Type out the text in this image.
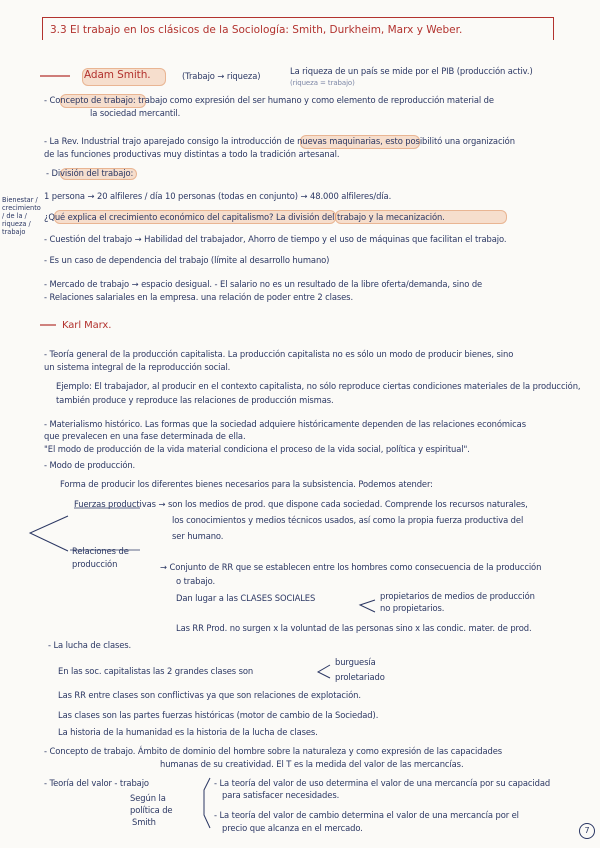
3.3 El trabajo en los clásicos de la Sociología: Smith, Durkheim, Marx y Weber.
Adam Smith.	(Trabajo → riqueza)	La riqueza de un país se mide por el PIB (producción activ.)
(riqueza = trabajo)
- Concepto de trabajo: trabajo como expresión del ser humano y como elemento de reproducción material de
la sociedad mercantil.
- La Rev. Industrial trajo aparejado consigo la introducción de nuevas maquinarias, esto posibilitó una organización
de las funciones productivas muy distintas a todo la tradición artesanal.
- División del trabajo:
1 persona → 20 alfileres / día 10 personas (todas en conjunto) → 48.000 alfileres/día.
¿Qué explica el crecimiento económico del capitalismo? La división del trabajo y la mecanización.
- Cuestión del trabajo → Habilidad del trabajador, Ahorro de tiempo y el uso de máquinas que facilitan el trabajo.
- Es un caso de dependencia del trabajo (límite al desarrollo humano)
- Mercado de trabajo → espacio desigual. - El salario no es un resultado de la libre oferta/demanda, sino de
- Relaciones salariales en la empresa. una relación de poder entre 2 clases.
Bienestar / crecimiento / de la / riqueza / trabajo
Karl Marx.
- Teoría general de la producción capitalista. La producción capitalista no es sólo un modo de producir bienes, sino
un sistema integral de la reproducción social.
Ejemplo: El trabajador, al producir en el contexto capitalista, no sólo reproduce ciertas condiciones materiales de la producción,
también produce y reproduce las relaciones de producción mismas.
- Materialismo histórico. Las formas que la sociedad adquiere históricamente dependen de las relaciones económicas
que prevalecen en una fase determinada de ella.
"El modo de producción de la vida material condiciona el proceso de la vida social, política y espiritual".
- Modo de producción.
Forma de producir los diferentes bienes necesarios para la subsistencia. Podemos atender:
Fuerzas productivas → son los medios de prod. que dispone cada sociedad. Comprende los recursos naturales,
los conocimientos y medios técnicos usados, así como la propia fuerza productiva del
ser humano.
Relaciones de
producción	→ Conjunto de RR que se establecen entre los hombres como consecuencia de la producción
o trabajo.
Dan lugar a las CLASES SOCIALES	propietarios de medios de producción
no propietarios.
Las RR Prod. no surgen x la voluntad de las personas sino x las condic. mater. de prod.
- La lucha de clases.
En las soc. capitalistas las 2 grandes clases son
burguesía
proletariado
Las RR entre clases son conflictivas ya que son relaciones de explotación.
Las clases son las partes fuerzas históricas (motor de cambio de la Sociedad).
La historia de la humanidad es la historia de la lucha de clases.
- Concepto de trabajo. Ámbito de dominio del hombre sobre la naturaleza y como expresión de las capacidades
humanas de su creatividad. El T es la medida del valor de las mercancías.
- Teoría del valor - trabajo
Según la
política de
Smith
- La teoría del valor de uso determina el valor de una mercancía por su capacidad
para satisfacer necesidades.
- La teoría del valor de cambio determina el valor de una mercancía por el
precio que alcanza en el mercado.	7
